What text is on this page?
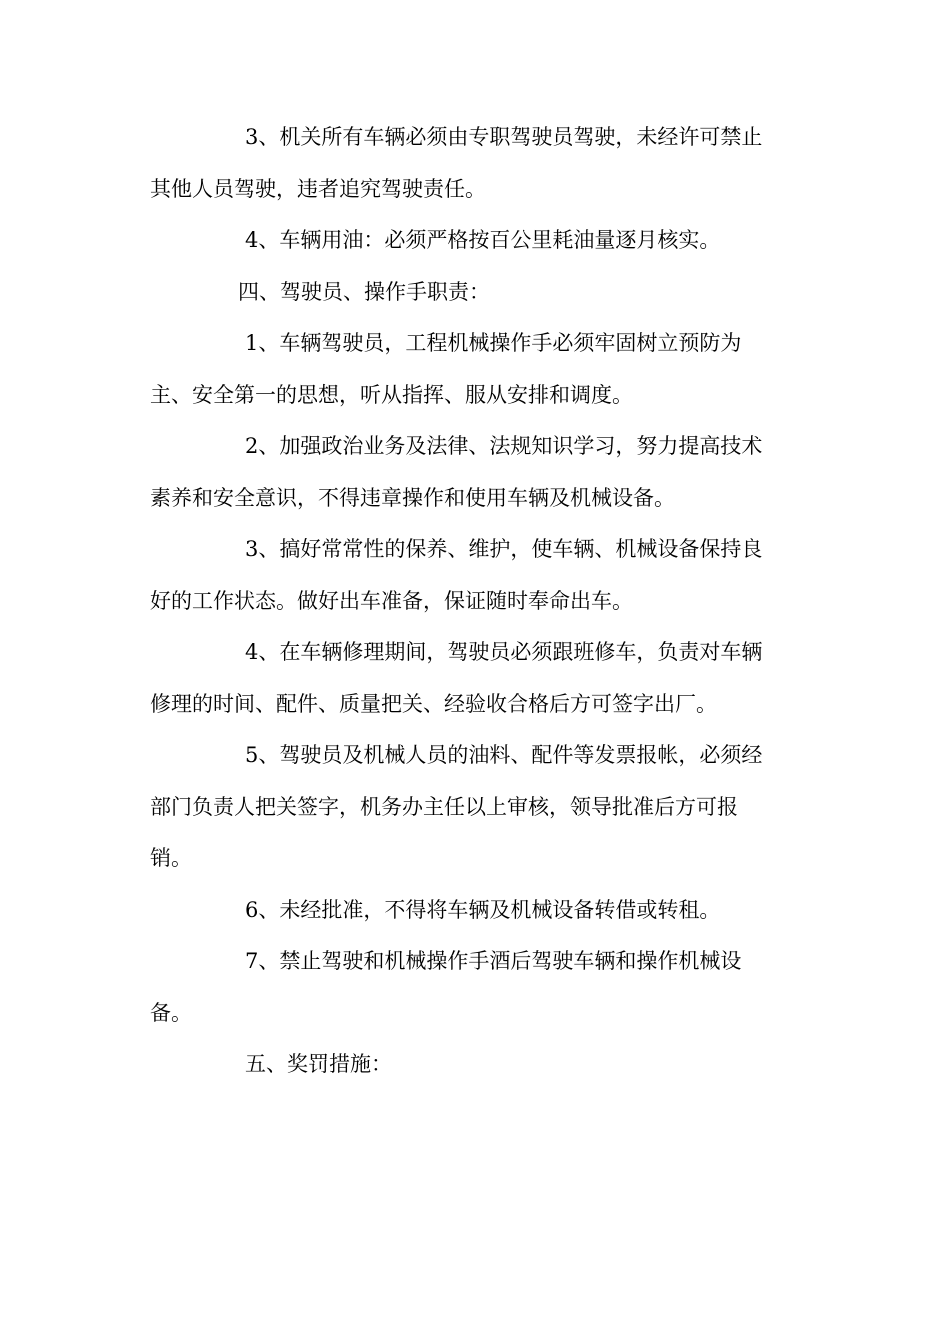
3、机关所有车辆必须由专职驾驶员驾驶，未经许可禁止
其他人员驾驶，违者追究驾驶责任。

4、车辆用油：必须严格按百公里耗油量逐月核实。

四、驾驶员、操作手职责：

1、车辆驾驶员，工程机械操作手必须牢固树立预防为
主、安全第一的思想，听从指挥、服从安排和调度。

2、加强政治业务及法律、法规知识学习，努力提高技术
素养和安全意识，不得违章操作和使用车辆及机械设备。

3、搞好常常性的保养、维护，使车辆、机械设备保持良
好的工作状态。做好出车准备，保证随时奉命出车。

4、在车辆修理期间，驾驶员必须跟班修车，负责对车辆
修理的时间、配件、质量把关、经验收合格后方可签字出厂。

5、驾驶员及机械人员的油料、配件等发票报帐，必须经
部门负责人把关签字，机务办主任以上审核，领导批准后方可报
销。

6、未经批准，不得将车辆及机械设备转借或转租。

7、禁止驾驶和机械操作手酒后驾驶车辆和操作机械设
备。

五、奖罚措施：
